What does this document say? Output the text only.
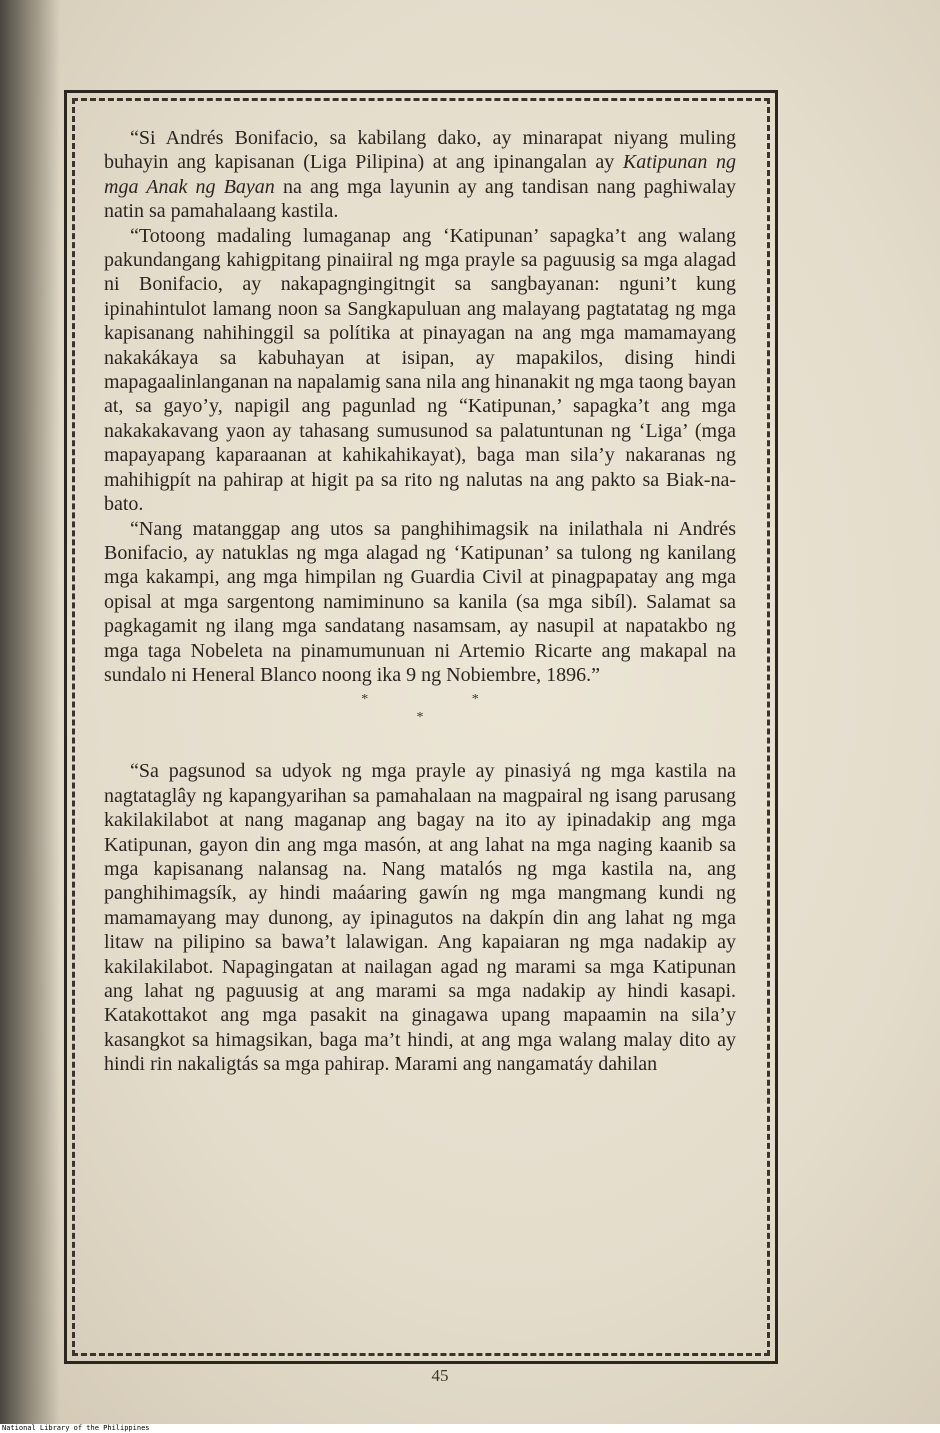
“Si Andrés Bonifacio, sa kabilang dako, ay minarapat niyang muling buhayin ang kapisanan (Liga Pilipina) at ang ipinangalan ay Katipunan ng mga Anak ng Bayan na ang mga layunin ay ang tandisan nang paghiwalay natin sa pamahalaang kastila.

“Totoong madaling lumaganap ang ‘Katipunan’ sapagka’t ang walang pakundangang kahigpitang pinaiiral ng mga prayle sa paguusig sa mga alagad ni Bonifacio, ay nakapagngingitngit sa sangbayanan: nguni’t kung ipinahintulot lamang noon sa Sangkapuluan ang malayang pagtatatag ng mga kapisanang nahihinggil sa polítika at pinayagan na ang mga mamamayang nakakákaya sa kabuhayan at isipan, ay mapakilos, dising hindi mapagaalinlanganan na napalamig sana nila ang hinanakit ng mga taong bayan at, sa gayo’y, napigil ang pagunlad ng “Katipunan,’ sapagka’t ang mga nakakakavang yaon ay tahasang sumusunod sa palatuntunan ng ‘Liga’ (mga mapayapang kaparaanan at kahikahikayat), baga man sila’y nakaranas ng mahihigpít na pahirap at higit pa sa rito ng nalutas na ang pakto sa Biak-na-bato.

“Nang matanggap ang utos sa panghihimagsik na inilathala ni Andrés Bonifacio, ay natuklas ng mga alagad ng ‘Katipunan’ sa tulong ng kanilang mga kakampi, ang mga himpilan ng Guardia Civil at pinagpapatay ang mga opisal at mga sargentong namiminuno sa kanila (sa mga sibíl). Salamat sa pagkagamit ng ilang mga sandatang nasamsam, ay nasupil at napatakbo ng mga taga Nobeleta na pinamumunuan ni Artemio Ricarte ang makapal na sundalo ni Heneral Blanco noong ika 9 ng Nobiembre, 1896.”

* *
*

“Sa pagsunod sa udyok ng mga prayle ay pinasiyá ng mga kastila na nagtataglây ng kapangyarihan sa pamahalaan na magpairal ng isang parusang kakilakilabot at nang maganap ang bagay na ito ay ipinadakip ang mga Katipunan, gayon din ang mga masón, at ang lahat na mga naging kaanib sa mga kapisanang nalansag na. Nang matalós ng mga kastila na, ang panghihimagsík, ay hindi maáaring gawín ng mga mangmang kundi ng mamamayang may dunong, ay ipinagutos na dakpín din ang lahat ng mga litaw na pilipino sa bawa’t lalawigan. Ang kapaiaran ng mga nadakip ay kakilakilabot. Napagingatan at nailagan agad ng marami sa mga Katipunan ang lahat ng paguusig at ang marami sa mga nadakip ay hindi kasapi. Katakottakot ang mga pasakit na ginagawa upang mapaamin na sila’y kasangkot sa himagsikan, baga ma’t hindi, at ang mga walang malay dito ay hindi rin nakaligtás sa mga pahirap. Marami ang nangamatáy dahilan

45
National Library of the Philippines
